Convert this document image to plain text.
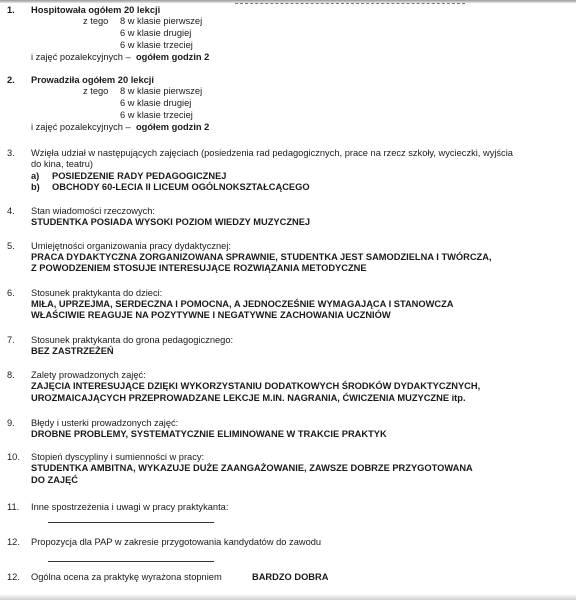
1. Hospitowała ogółem 20 lekcji
z tego 8 w klasie pierwszej
6 w klasie drugiej
6 w klasie trzeciej
i zajęć pozalekcyjnych – ogółem godzin 2
2. Prowadziła ogółem 20 lekcji
z tego 8 w klasie pierwszej
6 w klasie drugiej
6 w klasie trzeciej
i zajęć pozalekcyjnych – ogółem godzin 2
3. Wzięła udział w następujących zajęciach (posiedzenia rad pedagogicznych, prace na rzecz szkoły, wycieczki, wyjścia
do kina, teatru)
a) POSIEDZENIE RADY PEDAGOGICZNEJ
b) OBCHODY 60-LECIA II LICEUM OGÓLNOKSZTAŁCĄCEGO
4. Stan wiadomości rzeczowych:
STUDENTKA POSIADA WYSOKI POZIOM WIEDZY MUZYCZNEJ
5. Umiejętności organizowania pracy dydaktycznej:
PRACA DYDAKTYCZNA ZORGANIZOWANA SPRAWNIE, STUDENTKA JEST SAMODZIELNA I TWÓRCZA,
Z POWODZENIEM STOSUJE INTERESUJĄCE ROZWIĄZANIA METODYCZNE
6. Stosunek praktykanta do dzieci:
MIŁA, UPRZEJMA, SERDECZNA I POMOCNA, A JEDNOCZEŚNIE WYMAGAJĄCA I STANOWCZA
WŁAŚCIWIE REAGUJE NA POZYTYWNE I NEGATYWNE ZACHOWANIA UCZNIÓW
7. Stosunek praktykanta do grona pedagogicznego:
BEZ ZASTRZEŻEŃ
8. Zalety prowadzonych zajęć:
ZAJĘCIA INTERESUJĄCE DZIĘKI WYKORZYSTANIU DODATKOWYCH ŚRODKÓW DYDAKTYCZNYCH,
UROZMAICAJĄCYCH PRZEPROWADZANE LEKCJE M.IN. NAGRANIA, ĆWICZENIA MUZYCZNE itp.
9. Błędy i usterki prowadzonych zajęć:
DROBNE PROBLEMY, SYSTEMATYCZNIE ELIMINOWANE W TRAKCIE PRAKTYK
10. Stopień dyscypliny i sumienności w pracy:
STUDENTKA AMBITNA, WYKAZUJE DUŻE ZAANGAŻOWANIE, ZAWSZE DOBRZE PRZYGOTOWANA
DO ZAJĘĆ
11. Inne spostrzeżenia i uwagi w pracy praktykanta:
12. Propozycja dla PAP w zakresie przygotowania kandydatów do zawodu
12. Ogólna ocena za praktykę wyrażona stopniem	BARDZO DOBRA
